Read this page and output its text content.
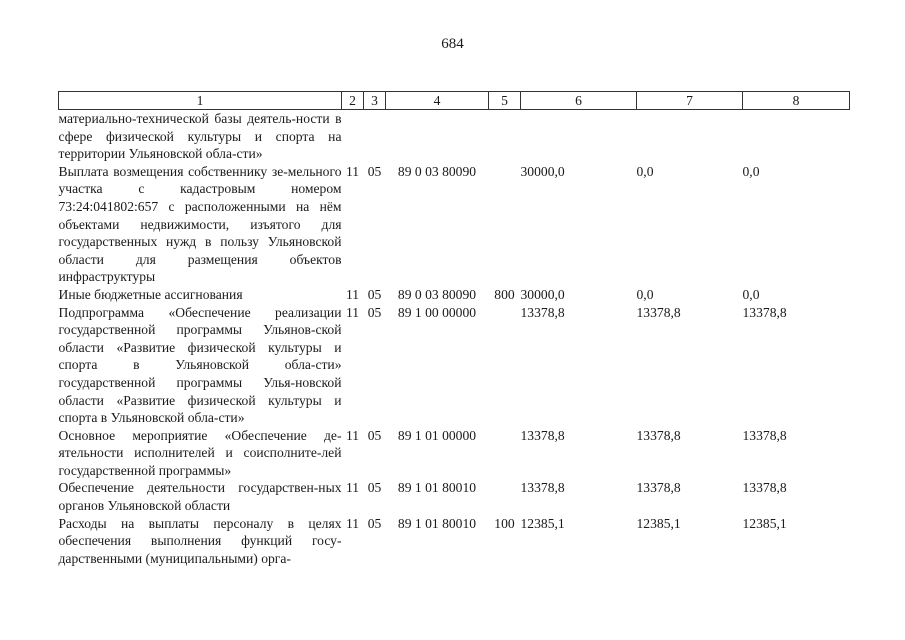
684
1	2	3	4	5	6	7	8
материально-технической базы деятель-ности в сфере физической культуры и спорта на территории Ульяновской обла-сти»							
Выплата возмещения собственнику зе-мельного участка с кадастровым номером 73:24:041802:657 с расположенными на нём объектами недвижимости, изъятого для государственных нужд в пользу Ульяновской области для размещения объектов инфраструктуры	11	05	89 0 03 80090		30000,0	0,0	0,0
Иные бюджетные ассигнования	11	05	89 0 03 80090	800	30000,0	0,0	0,0
Подпрограмма «Обеспечение реализации государственной программы Ульянов-ской области «Развитие физической культуры и спорта в Ульяновской обла-сти» государственной программы Улья-новской области «Развитие физической культуры и спорта в Ульяновской обла-сти»	11	05	89 1 00 00000		13378,8	13378,8	13378,8
Основное мероприятие «Обеспечение де-ятельности исполнителей и соисполните-лей государственной программы»	11	05	89 1 01 00000		13378,8	13378,8	13378,8
Обеспечение деятельности государствен-ных органов Ульяновской области	11	05	89 1 01 80010		13378,8	13378,8	13378,8
Расходы на выплаты персоналу в целях обеспечения выполнения функций госу-дарственными (муниципальными) орга-	11	05	89 1 01 80010	100	12385,1	12385,1	12385,1
